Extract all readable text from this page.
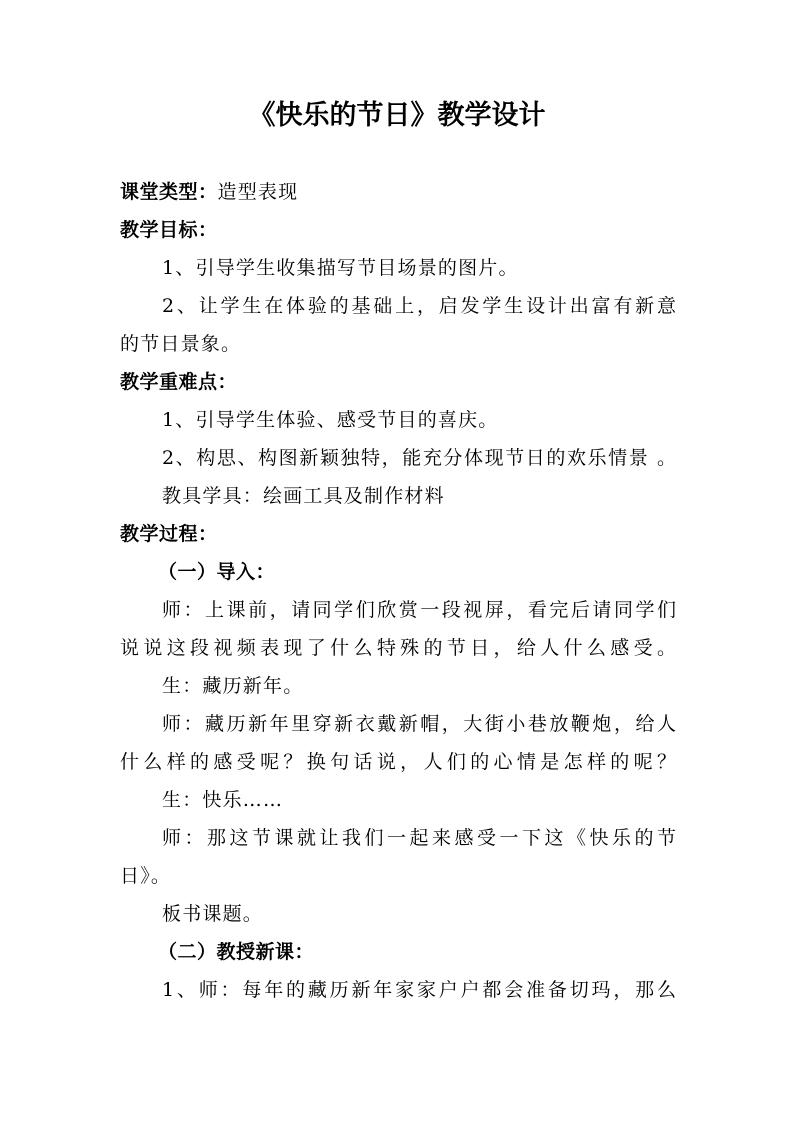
《快乐的节日》教学设计
课堂类型：造型表现
教学目标：
1、引导学生收集描写节目场景的图片。
2、让学生在体验的基础上，启发学生设计出富有新意
的节日景象。
教学重难点：
1、引导学生体验、感受节目的喜庆。
2、构思、构图新颖独特，能充分体现节日的欢乐情景 。
教具学具：绘画工具及制作材料
教学过程：
（一）导入：
师：上课前，请同学们欣赏一段视屏，看完后请同学们
说说这段视频表现了什么特殊的节日，给人什么感受。
生：藏历新年。
师：藏历新年里穿新衣戴新帽，大街小巷放鞭炮，给人
什么样的感受呢？换句话说，人们的心情是怎样的呢？
生：快乐……
师：那这节课就让我们一起来感受一下这《快乐的节
日》。
板书课题。
（二）教授新课：
1、师：每年的藏历新年家家户户都会准备切玛，那么
